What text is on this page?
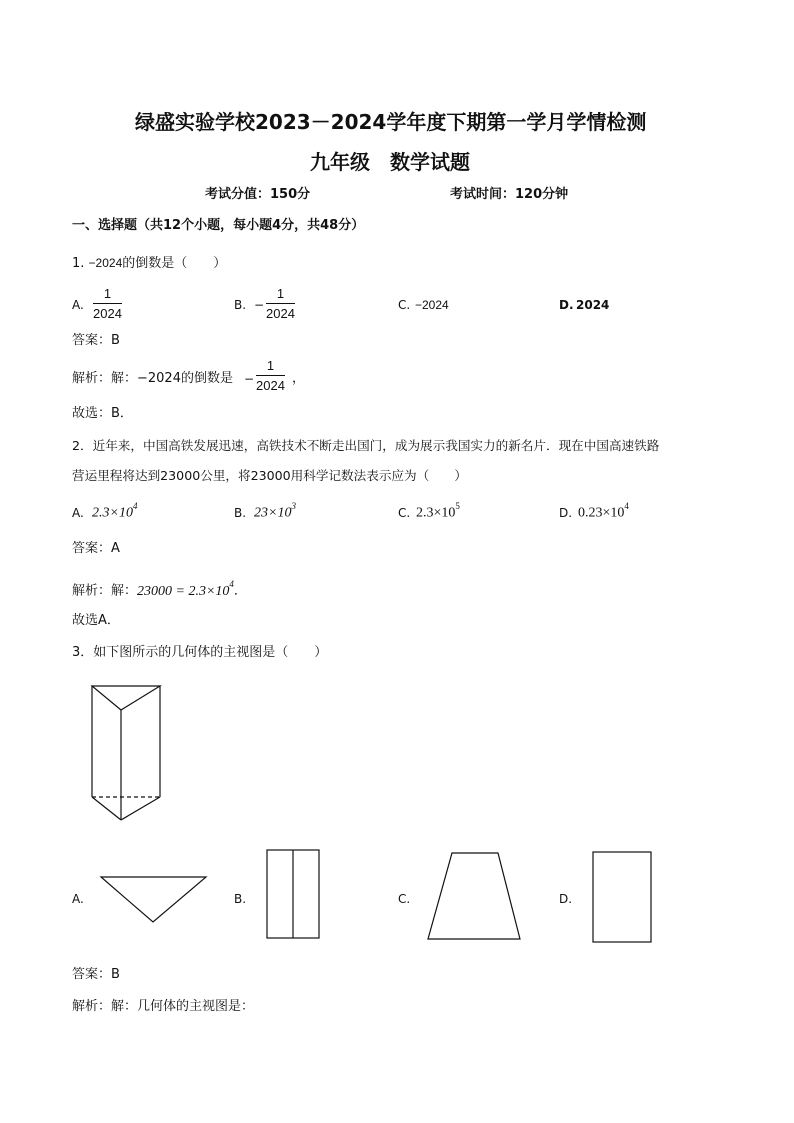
绿盛实验学校2023－2024学年度下期第一学月学情检测
九年级　数学试题
考试分值：150分	考试时间：120分钟
一、选择题（共12个小题，每小题4分，共48分）
1. −2024的倒数是（　　）
A.
1
2024
B. −
1
2024
C. −2024	D. 2024
答案：B
解析：解：−2024的倒数是 −
1
2024 ，
故选：B．
2．近年来，中国高铁发展迅速，高铁技术不断走出国门，成为展示我国实力的新名片．现在中国高速铁路
营运里程将达到23000公里，将23000用科学记数法表示应为（　　）
A. $2.3\times 10^4$	B. $23\times 10^3$	C. $2.3\times 10^5$	D. $0.23\times 10^4$
答案：A
解析：解：$23000 = 2.3\times 10^4$．
故选A．
3．如下图所示的几何体的主视图是（　　）
A.	B.	C.	D.
答案：B
解析：解：几何体的主视图是：
